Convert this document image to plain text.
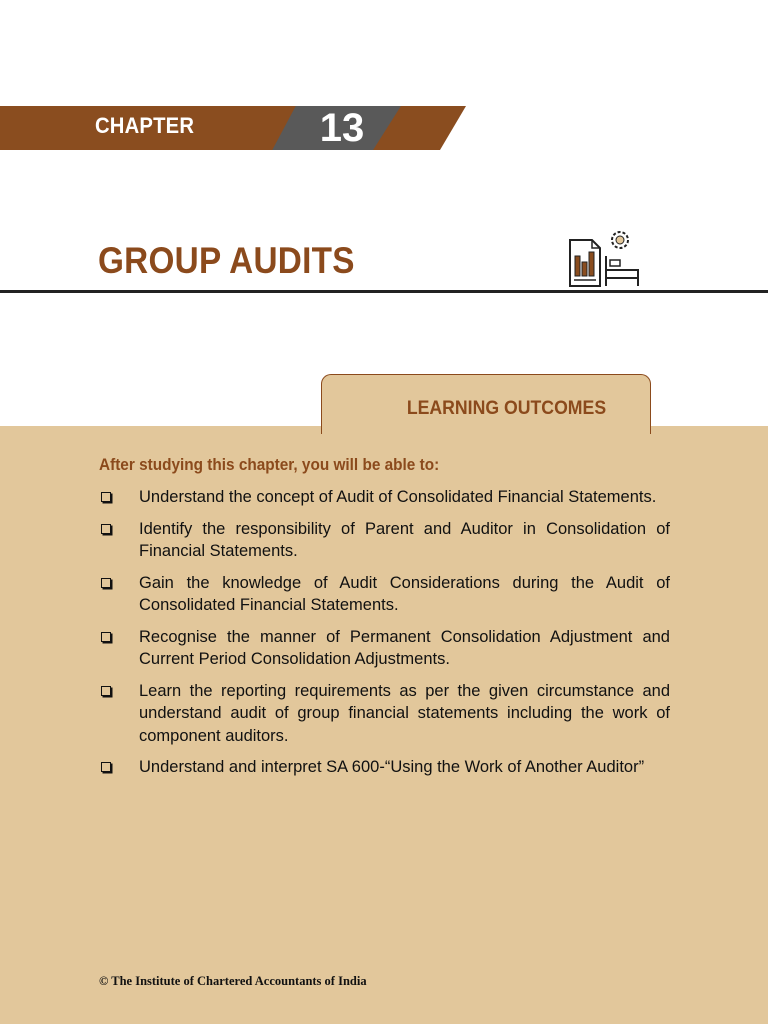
CHAPTER	13
GROUP AUDITS
LEARNING OUTCOMES

After studying this chapter, you will be able to:

Understand the concept of Audit of Consolidated Financial Statements.
Identify the responsibility of Parent and Auditor in Consolidation of Financial Statements.
Gain the knowledge of Audit Considerations during the Audit of Consolidated Financial Statements.
Recognise the manner of Permanent Consolidation Adjustment and Current Period Consolidation Adjustments.
Learn the reporting requirements as per the given circumstance and understand audit of group financial statements including the work of component auditors.
Understand and interpret SA 600-“Using the Work of Another Auditor”

© The Institute of Chartered Accountants of India
